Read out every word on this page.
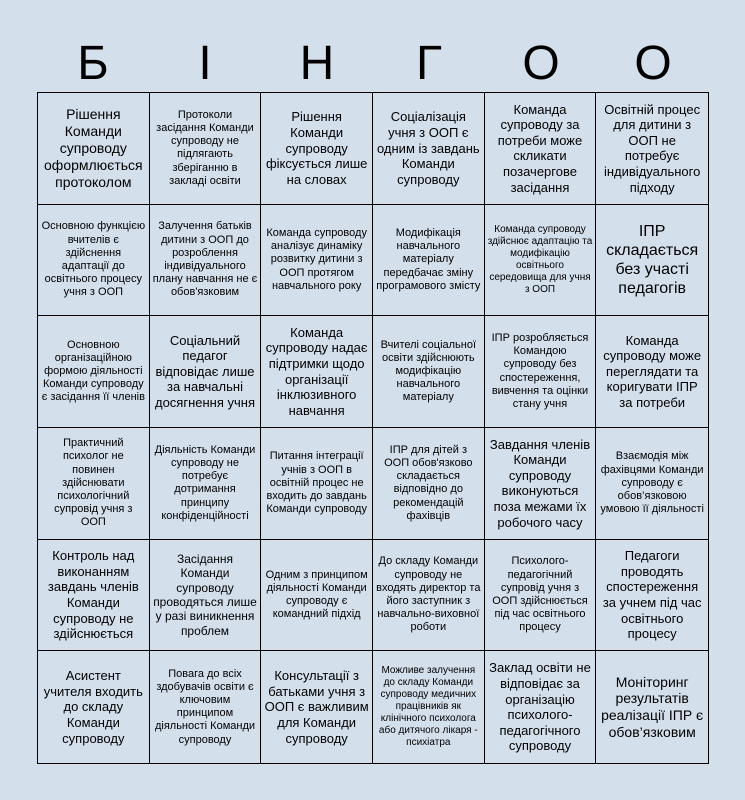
Б	І	Н	Г	О	О
Рішення Команди супроводу оформлюється протоколом
Протоколи засідання Команди супроводу не підлягають зберіганню в закладі освіти
Рішення Команди супроводу фіксується лише на словах
Соціалізація учня з ООП є одним із завдань Команди супроводу
Команда супроводу за потреби може скликати позачергове засідання
Освітній процес для дитини з ООП не потребує індивідуального підходу
Основною функцією вчителів є здійснення адаптації до освітнього процесу учня з ООП
Залучення батьків дитини з ООП до розроблення індивідуального плану навчання не є обов'язковим
Команда супроводу аналізує динаміку розвитку дитини з ООП протягом навчального року
Модифікація навчального матеріалу передбачає зміну програмового змісту
Команда супроводу здійснює адаптацію та модифікацію освітнього середовища для учня з ООП
ІПР складається без участі педагогів
Основною організаційною формою діяльності Команди супроводу є засідання її членів
Соціальний педагог відповідає лише за навчальні досягнення учня
Команда супроводу надає підтримки щодо організації інклюзивного навчання
Вчителі соціальної освіти здійснюють модифікацію навчального матеріалу
ІПР розробляється Командою супроводу без спостереження, вивчення та оцінки стану учня
Команда супроводу може переглядати та коригувати ІПР за потреби
Практичний психолог не повинен здійснювати психологічний супровід учня з ООП
Діяльність Команди супроводу не потребує дотримання принципу конфіденційності
Питання інтеграції учнів з ООП в освітній процес не входить до завдань Команди супроводу
ІПР для дітей з ООП обов'язково складається відповідно до рекомендацій фахівців
Завдання членів Команди супроводу виконуються поза межами їх робочого часу
Взаємодія між фахівцями Команди супроводу є обов’язковою умовою її діяльності
Контроль над виконанням завдань членів Команди супроводу не здійснюється
Засідання Команди супроводу проводяться лише у разі виникнення проблем
Одним з принципом діяльності Команди супроводу є командний підхід
До складу Команди супроводу не входять директор та його заступник з навчально-виховної роботи
Психолого-педагогічний супровід учня з ООП здійснюється під час освітнього процесу
Педагоги проводять спостереження за учнем під час освітнього процесу
Асистент учителя входить до складу Команди супроводу
Повага до всіх здобувачів освіти є ключовим принципом діяльності Команди супроводу
Консультації з батьками учня з ООП є важливим для Команди супроводу
Можливе залучення до складу Команди супроводу медичних працівників як клінічного психолога або дитячого лікаря - психіатра
Заклад освіти не відповідає за організацію психолого-педагогічного супроводу
Моніторинг результатів реалізації ІПР є обов’язковим
